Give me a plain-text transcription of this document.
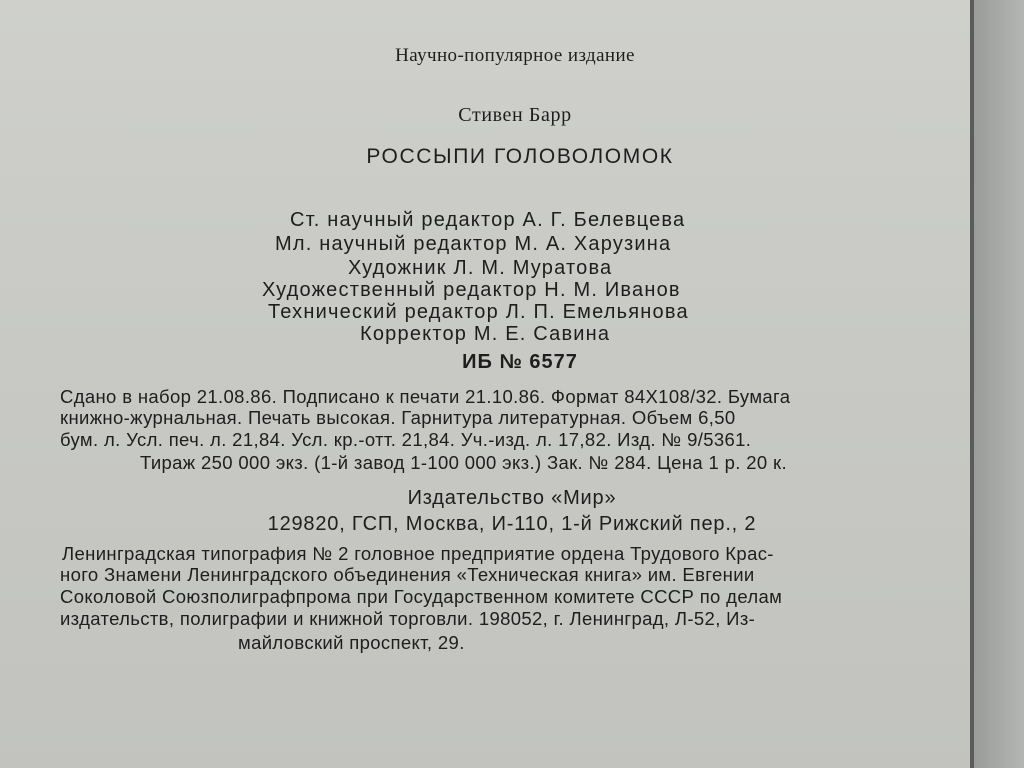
Научно-популярное издание

Стивен Барр

РОССЫПИ ГОЛОВОЛОМОК

Ст. научный редактор А. Г. Белевцева

Мл. научный редактор М. А. Харузина

Художник Л. М. Муратова

Художественный редактор Н. М. Иванов

Технический редактор Л. П. Емельянова

Корректор М. Е. Савина

ИБ № 6577

Сдано в набор 21.08.86. Подписано к печати 21.10.86. Формат 84Х108/32. Бумага

книжно-журнальная. Печать высокая. Гарнитура литературная. Объем 6,50

бум. л. Усл. печ. л. 21,84. Усл. кр.-отт. 21,84. Уч.-изд. л. 17,82. Изд. № 9/5361.

Тираж 250 000 экз. (1-й завод 1-100 000 экз.) Зак. № 284. Цена 1 р. 20 к.

Издательство «Мир»

129820, ГСП, Москва, И-110, 1-й Рижский пер., 2

Ленинградская типография № 2 головное предприятие ордена Трудового Крас-

ного Знамени Ленинградского объединения «Техническая книга» им. Евгении

Соколовой Союзполиграфпрома при Государственном комитете СССР по делам

издательств, полиграфии и книжной торговли. 198052, г. Ленинград, Л-52, Из-

майловский проспект, 29.
